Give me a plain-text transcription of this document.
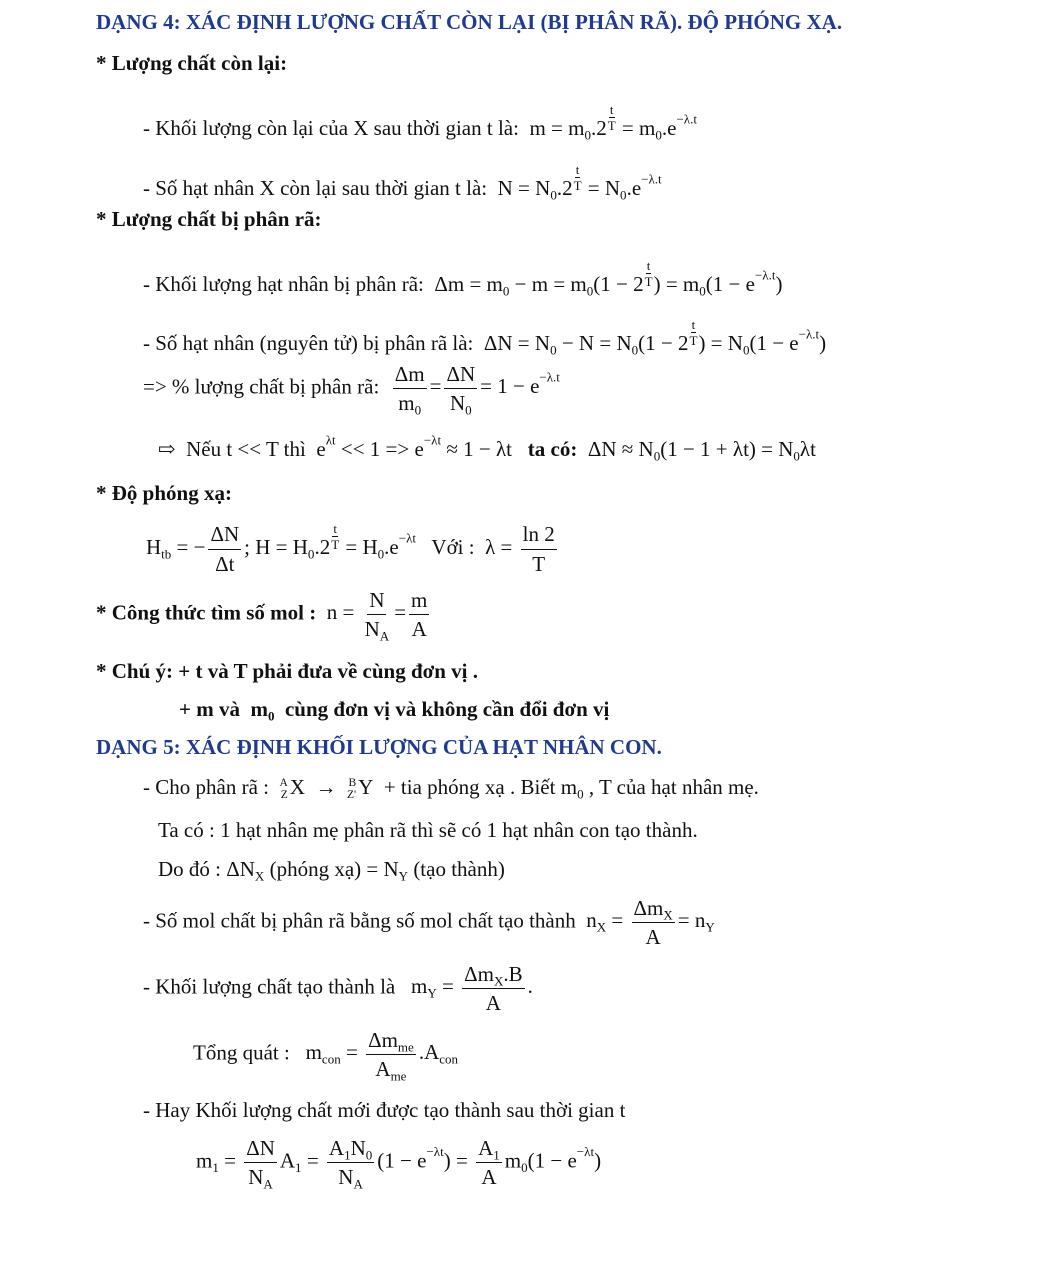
DẠNG 4: XÁC ĐỊNH LƯỢNG CHẤT CÒN LẠI (BỊ PHÂN RÃ). ĐỘ PHÓNG XẠ.
* Lượng chất còn lại:
- Khối lượng còn lại của X sau thời gian t là:  $m = m_0.2 \frac{t}{T} = m_0.e^{-\lambda.t}$
- Số hạt nhân X còn lại sau thời gian t là:  $N = N_0.2 \frac{t}{T} = N_0.e^{-\lambda.t}$
* Lượng chất bị phân rã:
- Khối lượng hạt nhân bị phân rã:  $\Delta m = m_0 - m = m_0(1 - 2 \frac{t}{T}$ ) = $m_0(1 - e^{-\lambda.t})$
- Số hạt nhân (nguyên tử) bị phân rã là:  $\Delta N = N_0 - N = N_0(1 - 2 \frac{t}{T}$ ) = $N_0(1 - e^{-\lambda.t})$
=> % lượng chất bị phân rã: $\frac{\Delta m}{m_0} = \frac{\Delta N}{N_0} = 1 - e^{-\lambda.t}$
⇨ Nếu t << T thì  $e^{\lambda t} << 1 => e^{-\lambda t} \approx 1 - \lambda t$   ta có:  $\Delta N \approx N_0(1 - 1 + \lambda t) = N_0\lambda t$
* Độ phóng xạ:
$H_{tb}$ = − $\frac{\Delta N}{\Delta t}$ ; $H = H_0.2 \frac{t}{T} = H_0.e^{-\lambda t}$ Với :  $\lambda = \frac{\ln 2}{T}$
* Công thức tìm số mol :  $n = \frac{N}{N_A} = \frac{m}{A}$
* Chú ý: + t và T phải đưa về cùng đơn vị .
+ m và  $m_0$ cùng đơn vị và không cần đổi đơn vị
DẠNG 5: XÁC ĐỊNH KHỐI LƯỢNG CỦA HẠT NHÂN CON.
- Cho phân rã : A
Z X  → B
Z' Y  + tia phóng xạ . Biết $m_0$ , T của hạt nhân mẹ.
Ta có : 1 hạt nhân mẹ phân rã thì sẽ có 1 hạt nhân con tạo thành.
Do đó : $\Delta N_X$ (phóng xạ) = $N_Y$ (tạo thành)
- Số mol chất bị phân rã bằng số mol chất tạo thành  $n_X = \frac{\Delta m_X}{A} = n_Y$
- Khối lượng chất tạo thành là   $m_Y = \frac{\Delta m_X.B}{A}$ .
Tổng quát :   $m_{con} = \frac{\Delta m_{me}}{A_{me}} .A_{con}$
- Hay Khối lượng chất mới được tạo thành sau thời gian t
$m_1 = \frac{\Delta N}{N_A} A_1 = \frac{A_1N_0}{N_A} (1 - e^{-\lambda t}) = \frac{A_1}{A} m_0(1 - e^{-\lambda t})$
